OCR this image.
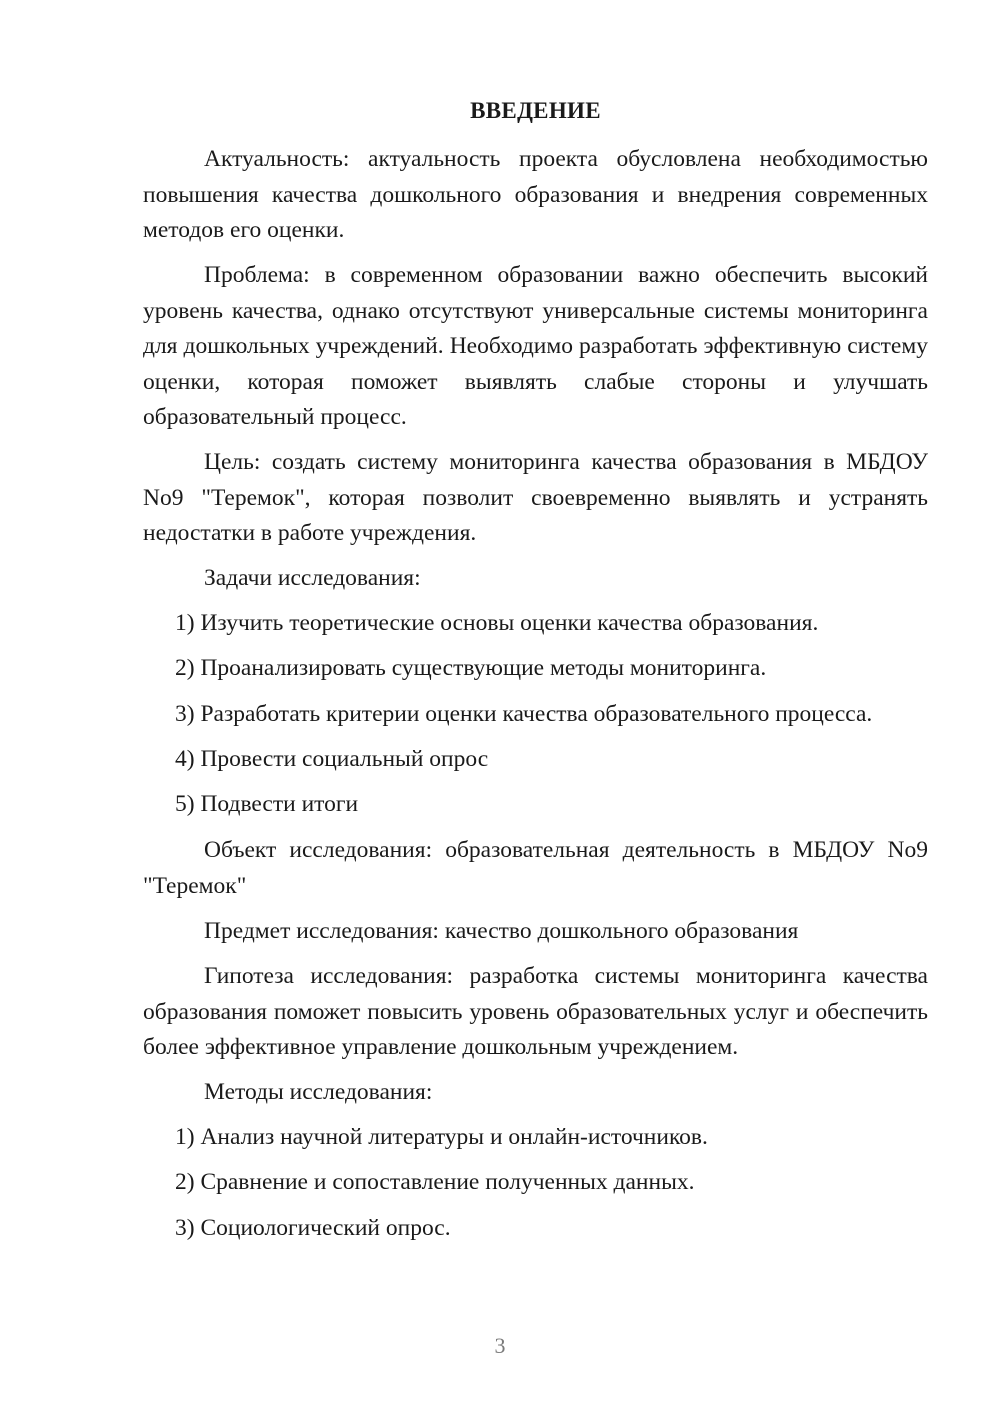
ВВЕДЕНИЕ

Актуальность: актуальность проекта обусловлена необходимостью повышения качества дошкольного образования и внедрения современных методов его оценки.

Проблема: в современном образовании важно обеспечить высокий уровень качества, однако отсутствуют универсальные системы мониторинга для дошкольных учреждений. Необходимо разработать эффективную систему оценки, которая поможет выявлять слабые стороны и улучшать образовательный процесс.

Цель: создать систему мониторинга качества образования в МБДОУ No9 "Теремок", которая позволит своевременно выявлять и устранять недостатки в работе учреждения.

Задачи исследования:

1) Изучить теоретические основы оценки качества образования.

2) Проанализировать существующие методы мониторинга.

3) Разработать критерии оценки качества образовательного процесса.

4) Провести социальный опрос

5) Подвести итоги

Объект исследования: образовательная деятельность в МБДОУ No9 "Теремок"

Предмет исследования: качество дошкольного образования

Гипотеза исследования: разработка системы мониторинга качества образования поможет повысить уровень образовательных услуг и обеспечить более эффективное управление дошкольным учреждением.

Методы исследования:

1) Анализ научной литературы и онлайн-источников.

2) Сравнение и сопоставление полученных данных.

3) Социологический опрос.

3
